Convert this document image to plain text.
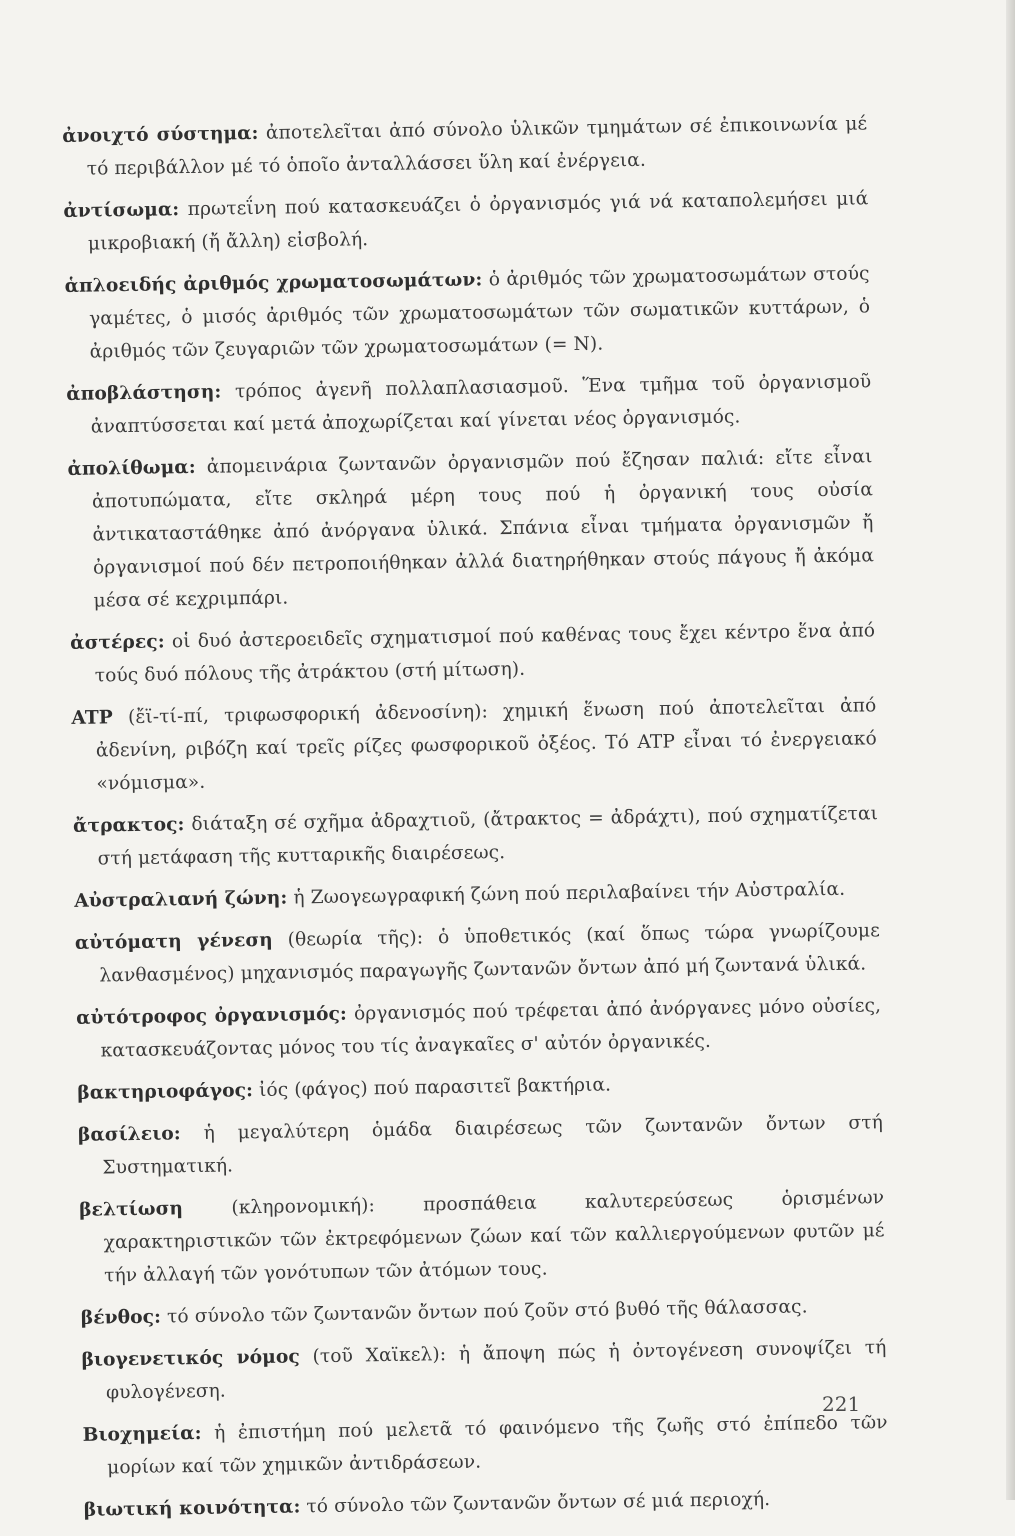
ἀνοιχτό σύστημα: ἀποτελεῖται ἀπό σύνολο ὑλικῶν τμημάτων σέ ἐπικοινωνία μέ τό περιβάλλον μέ τό ὁποῖο ἀνταλλάσσει ὕλη καί ἐνέργεια.

ἀντίσωμα: πρωτεΐνη πού κατασκευάζει ὁ ὀργανισμός γιά νά καταπολεμήσει μιά μικροβιακή (ἤ ἄλλη) εἰσβολή.

ἁπλοειδής ἀριθμός χρωματοσωμάτων: ὁ ἀριθμός τῶν χρωματοσωμάτων στούς γαμέτες, ὁ μισός ἀριθμός τῶν χρωματοσωμάτων τῶν σωματικῶν κυττάρων, ὁ ἀριθμός τῶν ζευγαριῶν τῶν χρωματοσωμάτων (= N).

ἀποβλάστηση: τρόπος ἀγενῆ πολλαπλασιασμοῦ. Ἕνα τμῆμα τοῦ ὀργανισμοῦ ἀναπτύσσεται καί μετά ἀποχωρίζεται καί γίνεται νέος ὀργανισμός.

ἀπολίθωμα: ἀπομεινάρια ζωντανῶν ὀργανισμῶν πού ἔζησαν παλιά: εἴτε εἶναι ἀποτυπώματα, εἴτε σκληρά μέρη τους πού ἡ ὀργανική τους οὐσία ἀντικαταστάθηκε ἀπό ἀνόργανα ὑλικά. Σπάνια εἶναι τμήματα ὀργανισμῶν ἤ ὀργανισμοί πού δέν πετροποιήθηκαν ἀλλά διατηρήθηκαν στούς πάγους ἤ ἀκόμα μέσα σέ κεχριμπάρι.

ἀστέρες: οἱ δυό ἀστεροειδεῖς σχηματισμοί πού καθένας τους ἔχει κέντρο ἕνα ἀπό τούς δυό πόλους τῆς ἀτράκτου (στή μίτωση).

ATP (ἔϊ-τί-πί, τριφωσφορική ἀδενοσίνη): χημική ἕνωση πού ἀποτελεῖται ἀπό ἀδενίνη, ριβόζη καί τρεῖς ρίζες φωσφορικοῦ ὀξέος. Τό ATP εἶναι τό ἐνεργειακό «νόμισμα».

ἄτρακτος: διάταξη σέ σχῆμα ἀδραχτιοῦ, (ἄτρακτος = ἀδράχτι), πού σχηματίζεται στή μετάφαση τῆς κυτταρικῆς διαιρέσεως.

Αὐστραλιανή ζώνη: ἡ Ζωογεωγραφική ζώνη πού περιλαβαίνει τήν Αὐστραλία.

αὐτόματη γένεση (θεωρία τῆς): ὁ ὑποθετικός (καί ὅπως τώρα γνωρίζουμε λανθασμένος) μηχανισμός παραγωγῆς ζωντανῶν ὄντων ἀπό μή ζωντανά ὑλικά.

αὐτότροφος ὀργανισμός: ὀργανισμός πού τρέφεται ἀπό ἀνόργανες μόνο οὐσίες, κατασκευάζοντας μόνος του τίς ἀναγκαῖες σ' αὐτόν ὀργανικές.

βακτηριοφάγος: ἰός (φάγος) πού παρασιτεῖ βακτήρια.

βασίλειο: ἡ μεγαλύτερη ὁμάδα διαιρέσεως τῶν ζωντανῶν ὄντων στή Συστηματική.

βελτίωση (κληρονομική): προσπάθεια καλυτερεύσεως ὁρισμένων χαρακτηριστικῶν τῶν ἐκτρεφόμενων ζώων καί τῶν καλλιεργούμενων φυτῶν μέ τήν ἀλλαγή τῶν γονότυπων τῶν ἀτόμων τους.

βένθος: τό σύνολο τῶν ζωντανῶν ὄντων πού ζοῦν στό βυθό τῆς θάλασσας.

βιογενετικός νόμος (τοῦ Χαϊκελ): ἡ ἄποψη πώς ἡ ὀντογένεση συνοψίζει τή φυλογένεση.

Βιοχημεία: ἡ ἐπιστήμη πού μελετᾶ τό φαινόμενο τῆς ζωῆς στό ἐπίπεδο τῶν μορίων καί τῶν χημικῶν ἀντιδράσεων.

βιωτική κοινότητα: τό σύνολο τῶν ζωντανῶν ὄντων σέ μιά περιοχή.

221
